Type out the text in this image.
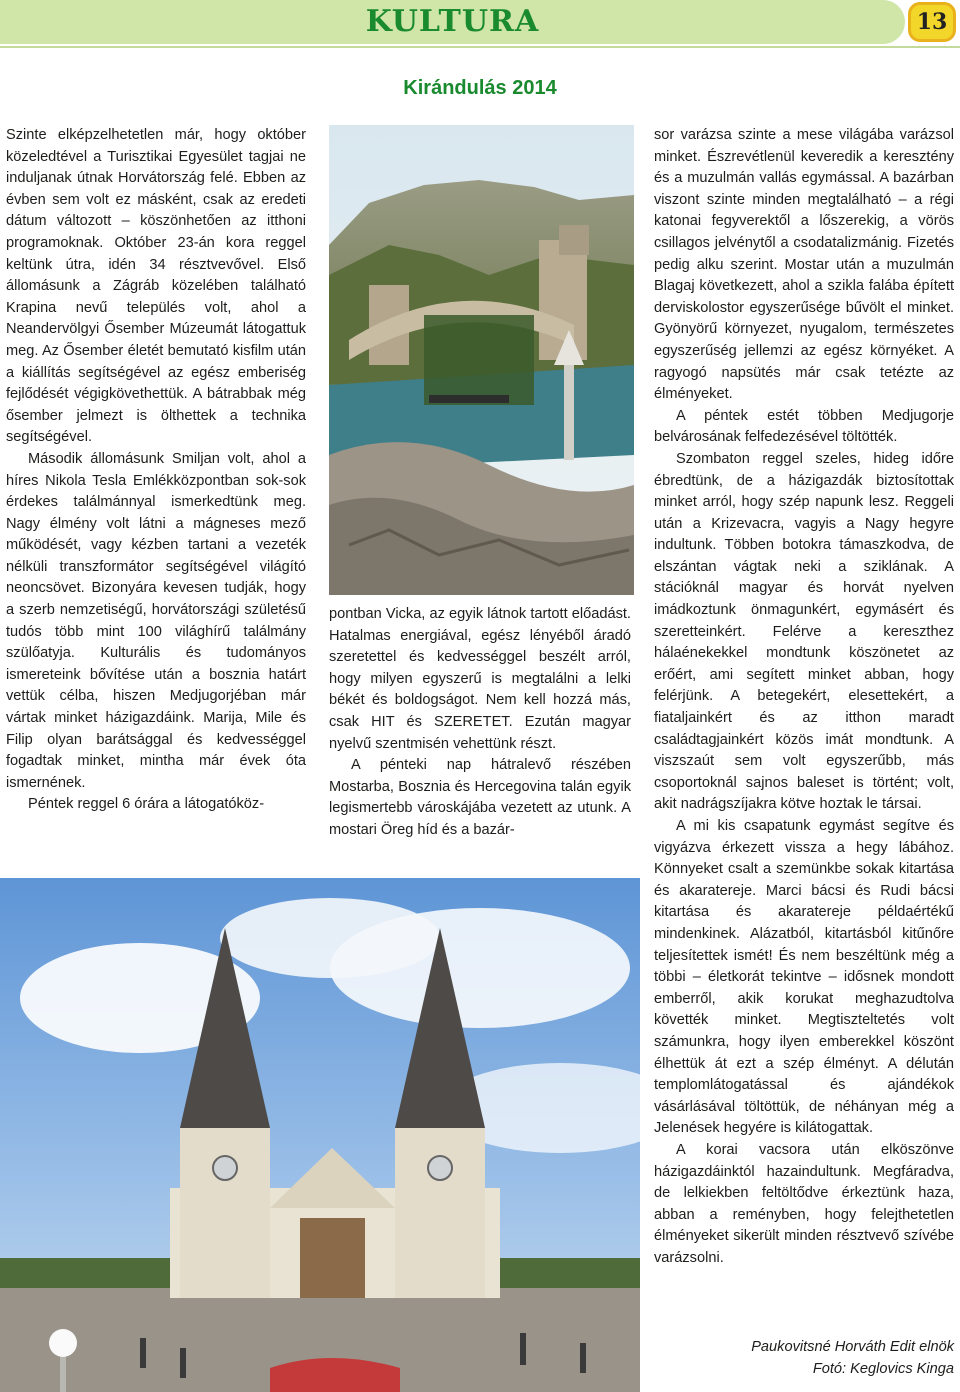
KULTURA	13
Kirándulás 2014

Szinte elképzelhetetlen már, hogy október közeledtével a Turisztikai Egyesület tagjai ne induljanak útnak Horvátország felé. Ebben az évben sem volt ez másként, csak az eredeti dátum változott – köszönhetően az itthoni programoknak. Október 23-án kora reggel keltünk útra, idén 34 résztvevővel. Első állomásunk a Zágráb közelében található Krapina nevű település volt, ahol a Neandervölgyi Ősember Múzeumát látogattuk meg. Az Ősember életét bemutató kisfilm után a kiállítás segítségével az egész emberiség fejlődését végigkövethettük. A bátrabbak még ősember jelmezt is ölthettek a technika segítségével.

Második állomásunk Smiljan volt, ahol a híres Nikola Tesla Emlékközpontban sok-sok érdekes találmánnyal ismerkedtünk meg. Nagy élmény volt látni a mágneses mező működését, vagy kézben tartani a vezeték nélküli transzformátor segítségével világító neoncsövet. Bizonyára kevesen tudják, hogy a szerb nemzetiségű, horvátországi születésű tudós több mint 100 világhírű találmány szülőatyja. Kulturális és tudományos ismereteink bővítése után a bosznia határt vettük célba, hiszen Medjugorjéban már vártak minket házigazdáink. Marija, Mile és Filip olyan barátsággal és kedvességgel fogadtak minket, mintha már évek óta ismernének.

Péntek reggel 6 órára a látogatóköz-

pontban Vicka, az egyik látnok tartott előadást. Hatalmas energiával, egész lényéből áradó szeretettel és kedvességgel beszélt arról, hogy milyen egyszerű is megtalálni a lelki békét és boldogságot. Nem kell hozzá más, csak HIT és SZERETET. Ezután magyar nyelvű szentmisén vehettünk részt.

A pénteki nap hátralevő részében Mostarba, Bosznia és Hercegovina talán egyik legismertebb városkájába vezetett az utunk. A mostari Öreg híd és a bazár-

sor varázsa szinte a mese világába varázsol minket. Észrevétlenül keveredik a keresztény és a muzulmán vallás egymással. A bazárban viszont szinte minden megtalálható – a régi katonai fegyverektől a lőszerekig, a vörös csillagos jelvénytől a csodatalizmánig. Fizetés pedig alku szerint. Mostar után a muzulmán Blagaj következett, ahol a szikla falába épített derviskolostor egyszerűsége bűvölt el minket. Gyönyörű környezet, nyugalom, természetes egyszerűség jellemzi az egész környéket. A ragyogó napsütés már csak tetézte az élményeket.

A péntek estét többen Medjugorje belvárosának felfedezésével töltötték.

Szombaton reggel szeles, hideg időre ébredtünk, de a házigazdák biztosítottak minket arról, hogy szép napunk lesz. Reggeli után a Krizevacra, vagyis a Nagy hegyre indultunk. Többen botokra támaszkodva, de elszántan vágtak neki a sziklának. A stációknál magyar és horvát nyelven imádkoztunk önmagunkért, egymásért és szeretteinkért. Felérve a kereszthez hálaénekekkel mondtunk köszönetet az erőért, ami segített minket abban, hogy felérjünk. A betegekért, elesettekért, a fiataljainkért és az itthon maradt családtagjainkért közös imát mondtunk. A viszszaút sem volt egyszerűbb, más csoportoknál sajnos baleset is történt; volt, akit nadrágszíjakra kötve hoztak le társai.

A mi kis csapatunk egymást segítve és vigyázva érkezett vissza a hegy lábához. Könnyeket csalt a szemünkbe sokak kitartása és akaratereje. Marci bácsi és Rudi bácsi kitartása és akaratereje példaértékű mindenkinek. Alázatból, kitartásból kitűnőre teljesítettek ismét! És nem beszéltünk még a többi – életkorát tekintve – idősnek mondott emberről, akik korukat meghazudtolva követték minket. Megtiszteltetés volt számunkra, hogy ilyen emberekkel köszönt élhettük át ezt a szép élményt. A délután templomlátogatással és ajándékok vásárlásával töltöttük, de néhányan még a Jelenések hegyére is kilátogattak.

A korai vacsora után elköszönve házigazdáinktól hazaindultunk. Megfáradva, de lelkiekben feltöltődve érkeztünk haza, abban a reményben, hogy felejthetetlen élményeket sikerült minden résztvevő szívébe varázsolni.

Paukovitsné Horváth Edit elnök
Fotó: Keglovics Kinga
